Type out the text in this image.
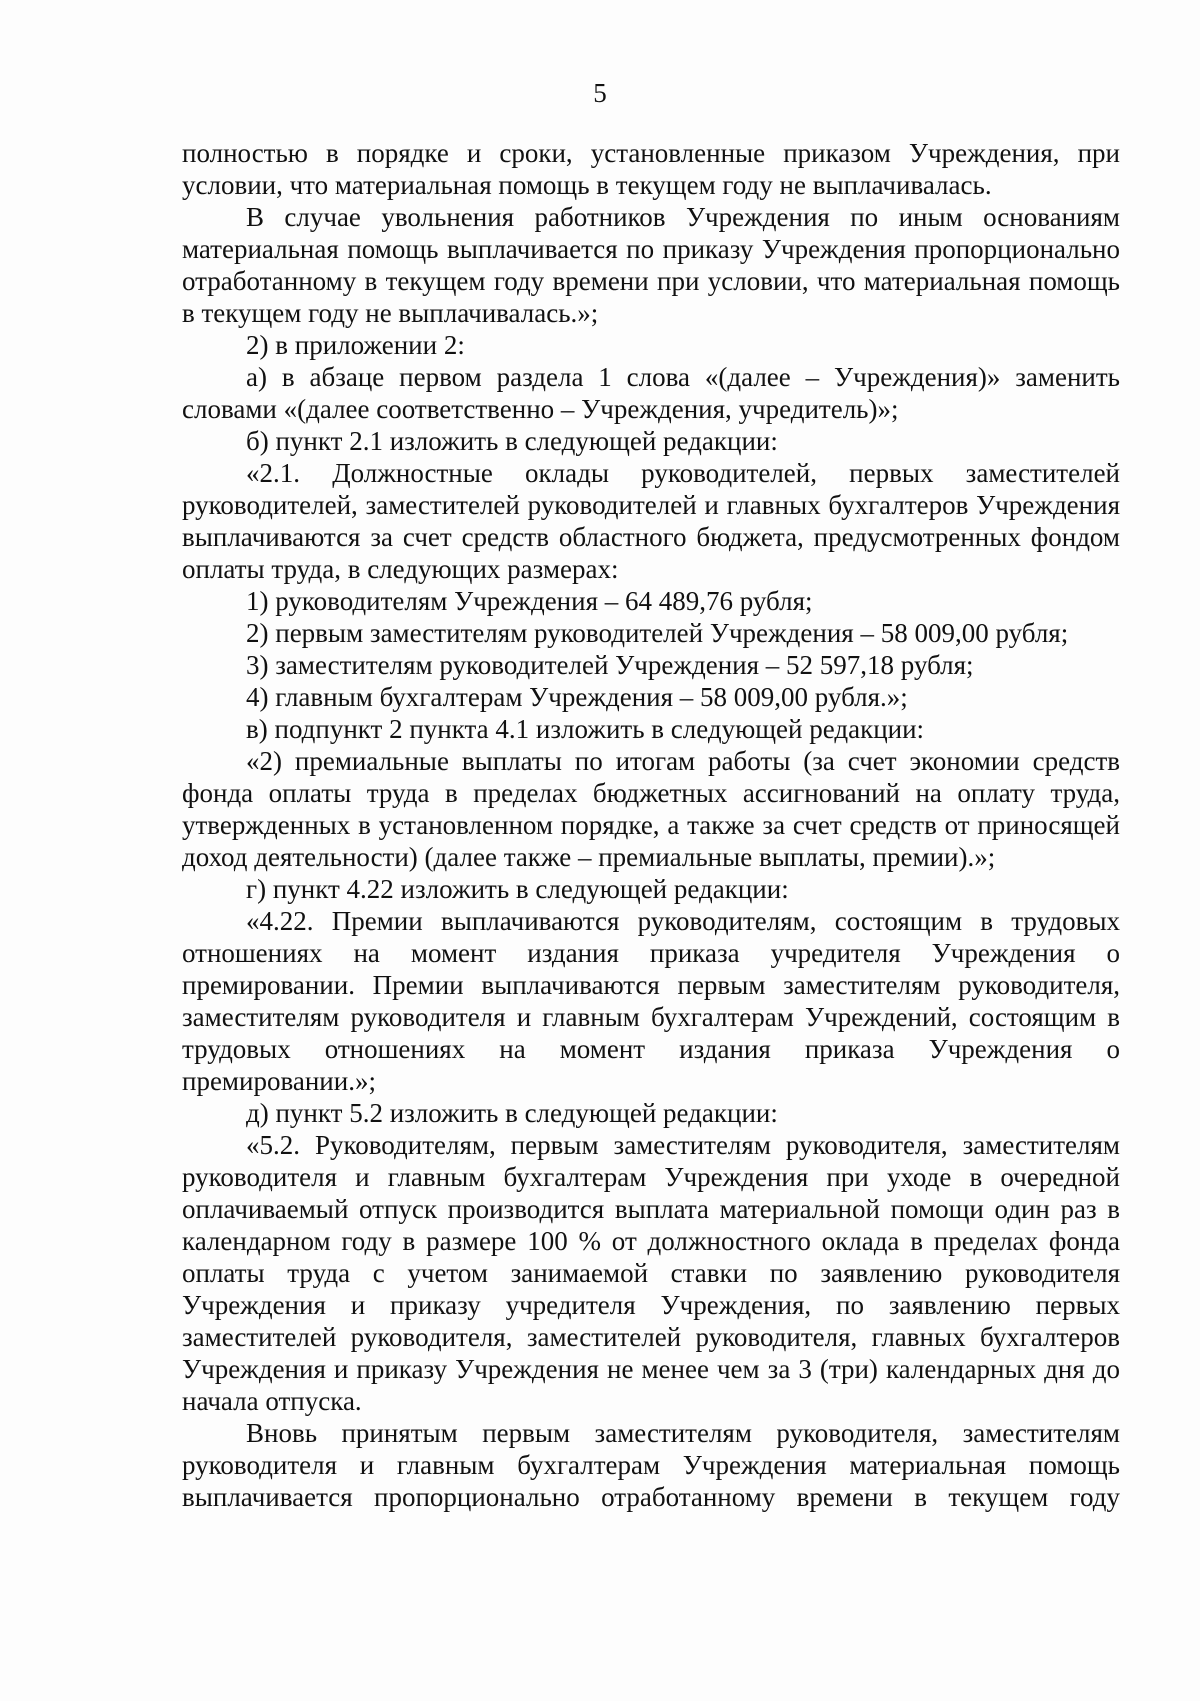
5

полностью в порядке и сроки, установленные приказом Учреждения, при условии, что материальная помощь в текущем году не выплачивалась.

В случае увольнения работников Учреждения по иным основаниям материальная помощь выплачивается по приказу Учреждения пропорционально отработанному в текущем году времени при условии, что материальная помощь в текущем году не выплачивалась.»;

2) в приложении 2:

а) в абзаце первом раздела 1 слова «(далее – Учреждения)» заменить словами «(далее соответственно – Учреждения, учредитель)»;

б) пункт 2.1 изложить в следующей редакции:

«2.1. Должностные оклады руководителей, первых заместителей руководителей, заместителей руководителей и главных бухгалтеров Учреждения выплачиваются за счет средств областного бюджета, предусмотренных фондом оплаты труда, в следующих размерах:

1) руководителям Учреждения – 64 489,76 рубля;

2) первым заместителям руководителей Учреждения – 58 009,00 рубля;

3) заместителям руководителей Учреждения – 52 597,18 рубля;

4) главным бухгалтерам Учреждения – 58 009,00 рубля.»;

в) подпункт 2 пункта 4.1 изложить в следующей редакции:

«2) премиальные выплаты по итогам работы (за счет экономии средств фонда оплаты труда в пределах бюджетных ассигнований на оплату труда, утвержденных в установленном порядке, а также за счет средств от приносящей доход деятельности) (далее также – премиальные выплаты, премии).»;

г) пункт 4.22 изложить в следующей редакции:

«4.22. Премии выплачиваются руководителям, состоящим в трудовых отношениях на момент издания приказа учредителя Учреждения о премировании. Премии выплачиваются первым заместителям руководителя, заместителям руководителя и главным бухгалтерам Учреждений, состоящим в трудовых отношениях на момент издания приказа Учреждения о премировании.»;

д) пункт 5.2 изложить в следующей редакции:

«5.2. Руководителям, первым заместителям руководителя, заместителям руководителя и главным бухгалтерам Учреждения при уходе в очередной оплачиваемый отпуск производится выплата материальной помощи один раз в календарном году в размере 100 % от должностного оклада в пределах фонда оплаты труда с учетом занимаемой ставки по заявлению руководителя Учреждения и приказу учредителя Учреждения, по заявлению первых заместителей руководителя, заместителей руководителя, главных бухгалтеров Учреждения и приказу Учреждения не менее чем за 3 (три) календарных дня до начала отпуска.

Вновь принятым первым заместителям руководителя, заместителям руководителя и главным бухгалтерам Учреждения материальная помощь выплачивается пропорционально отработанному времени в текущем году
